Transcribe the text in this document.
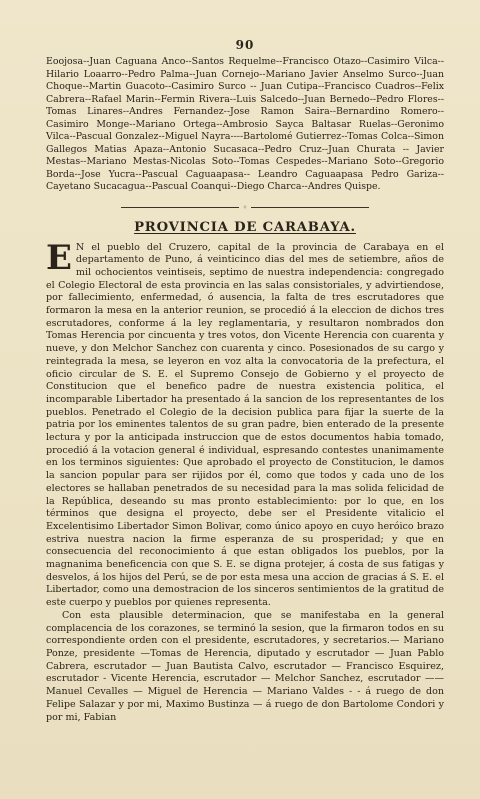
90

Eoojosa--Juan Caguana Anco--Santos Requelme--Francisco Otazo--Casimiro Vilca--Hilario Loaarro--Pedro Palma--Juan Cornejo--Mariano Javier Anselmo Surco--Juan Choque--Martin Guacoto--Casimiro Surco -- Juan Cutipa--Francisco Cuadros--Felix Cabrera--Rafael Marin--Fermin Rivera--Luis Salcedo--Juan Bernedo--Pedro Flores--Tomas Linares--Andres Fernandez--Jose Ramon Saira--Bernardino Romero--Casimiro Monge--Mariano Ortega--Ambrosio Sayca Baltasar Ruelas--Geronimo Vilca--Pascual Gonzalez--Miguel Nayra----Bartolomé Gutierrez--Tomas Colca--Simon Gallegos Matias Apaza--Antonio Sucasaca--Pedro Cruz--Juan Churata -- Javier Mestas--Mariano Mestas-Nicolas Soto--Tomas Cespedes--Mariano Soto--Gregorio Borda--Jose Yucra--Pascual Caguaapasa-- Leandro Caguaapasa Pedro Gariza--Cayetano Sucacagua--Pascual Coanqui--Diego Charca--Andres Quispe.

◦
PROVINCIA DE CARABAYA.

E N el pueblo del Cruzero, capital de la provincia de Carabaya en el departamento de Puno, á veinticinco dias del mes de setiembre, años de mil ochocientos veintiseis, septimo de nuestra independencia: congregado el Colegio Electoral de esta provincia en las salas consistoriales, y advirtiendose, por fallecimiento, enfermedad, ó ausencia, la falta de tres escrutadores que formaron la mesa en la anterior reunion, se procedió á la eleccion de dichos tres escrutadores, conforme á la ley reglamentaria, y resultaron nombrados don Tomas Herencia por cincuenta y tres votos, don Vicente Herencia con cuarenta y nueve, y don Melchor Sanchez con cuarenta y cinco. Posesionados de su cargo y reintegrada la mesa, se leyeron en voz alta la convocatoria de la prefectura, el oficio circular de S. E. el Supremo Consejo de Gobierno y el proyecto de Constitucion que el benefico padre de nuestra existencia politica, el incomparable Libertador ha presentado á la sancion de los representantes de los pueblos. Penetrado el Colegio de la decision publica para fijar la suerte de la patria por los eminentes talentos de su gran padre, bien enterado de la presente lectura y por la anticipada instruccion que de estos documentos habia tomado, procedió á la votacion general é individual, espresando contestes unanimamente en los terminos siguientes: Que aprobado el proyecto de Constitucion, le damos la sancion popular para ser rijidos por él, como que todos y cada uno de los electores se hallaban penetrados de su necesidad para la mas solida felicidad de la República, deseando su mas pronto establecimiento: por lo que, en los términos que designa el proyecto, debe ser el Presidente vitalicio el Excelentisimo Libertador Simon Bolivar, como único apoyo en cuyo heróico brazo estriva nuestra nacion la firme esperanza de su prosperidad; y que en consecuencia del reconocimiento á que estan obligados los pueblos, por la magnanima beneficencia con que S. E. se digna protejer, á costa de sus fatigas y desvelos, á los hijos del Perú, se de por esta mesa una accion de gracias á S. E. el Libertador, como una demostracion de los sinceros sentimientos de la gratitud de este cuerpo y pueblos por quienes representa.

Con esta plausible determinacion, que se manifestaba en la general complacencia de los corazones, se terminó la sesion, que la firmaron todos en su correspondiente orden con el presidente, escrutadores, y secretarios.— Mariano Ponze, presidente —Tomas de Herencia, diputado y escrutador — Juan Pablo Cabrera, escrutador — Juan Bautista Calvo, escrutador — Francisco Esquirez, escrutador - Vicente Herencia, escrutador — Melchor Sanchez, escrutador —— Manuel Cevalles — Miguel de Herencia — Mariano Valdes - - á ruego de don Felipe Salazar y por mi, Maximo Bustinza — á ruego de don Bartolome Condori y por mi, Fabian
